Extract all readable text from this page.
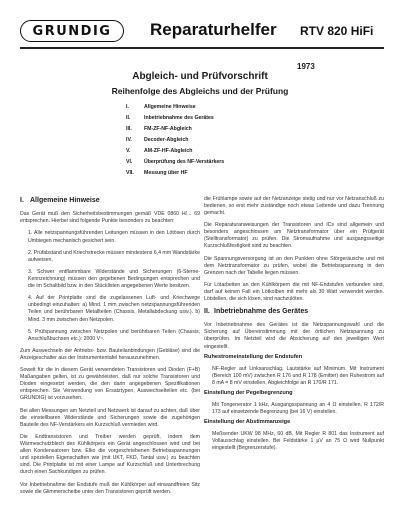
GRUNDIG Reparaturhelfer RTV 820 HiFi
1973
Abgleich- und Prüfvorschrift
Reihenfolge des Abgleichs und der Prüfung
I.	Allgemeine Hinweise
II.	Inbetriebnahme des Gerätes
III.	FM-ZF-NF-Abgleich
IV.	Decoder-Abgleich
V.	AM-ZF-HF-Abgleich
VI.	Überprüfung des NF-Verstärkers
VII.	Messung über HF
I. Allgemeine Hinweise

Das Gerät muß den Sicherheitsbestimmungen gemäß VDE 0860 H/... 69 entsprechen. Hierbei sind folgende Punkte besonders zu beachten:

1. Alle netzspannungsführenden Leitungen müssen in den Lötösen durch Umbiegen mechanisch gesichert sein.

2. Prüfabstand und Kriechstrecke müssen mindestens 6,4 mm Wandstärke aufweisen.

3. Schwer entflammbare Widerstände und Sicherungen (6-Sterne-Kennzeichnung) müssen den gegebenen Bedingungen entsprechen und die im Schaltbild bzw. in den Stücklisten angegebenen Werte besitzen.

4. Auf der Printplatte sind die zugelassenen Luft- und Kriechwege unbedingt einzuhalten: a) Mind. 1 mm zwischen netzspannungsführenden Teilen und berührbaren Metallteilen (Chassis, Metallabdeckung usw.). b) Mind. 3 mm zwischen den Netzpolen.

5. Prüfspannung zwischen Netzpolen und berührbaren Teilen (Chassis, Anschlußbuchsen etc.): 2000 V~.

Zum Auswechseln der Antriebs- bzw. Bauteilanbindungen (Gebläse) sind die Anzeigeschalter aus der Instrumententafel herauszunehmen.

Soweit für die in diesem Gerät verwendeten Transistoren und Dioden (F+B) Maßangaben gelten, ist zu gewährleisten, daß nur solche Transistoren und Dioden eingesetzt werden, die den darin angegebenen Spezifikationen entsprechen. Sie Verwendung von Ersatztypen, Auswechselteilen etc. (bei GRUNDIG) ist vorzusehen.

Bei allen Messungen am Netzteil und Netzwerk ist darauf zu achten, daß über die einstellbaren Widerstände und Sicherungen sowie die zugehörigen Bauteile des NF-Verstärkers ein Kurzschluß vermieden wird.

Die Endtransistoren und Treiber werden geprüft, indem dem Wärmeschutzblech des Kühlkörpers ein Gerät angeschlossen wird und bei allen Kondensatoren bzw. Elko die vorgeschriebenen Betriebsspannungen und speziellen Eigenschaften wie (mit UKT, FKD, Tantal usw.) zu beachten sind. Die Printplatte ist mit einer Lampe auf Kurzschluß und Unterbrechung durch einen Sachkundigen zu prüfen.

Vor Inbetriebnahme der Endstufe muß der Kühlkörper auf einwandfreien Sitz sowie die Glimmerscheibe unter den Transistoren geprüft werden.

die Frühlampe sowie auf der Netzanzeige stetig und nur vor Netzanschluß zu bedienen, so erst mehr zuständige noch etwas Leitende und dazu Trennung gemacht.

Die Reparaturanweisungen der Transistoren und ICs sind allgemein und besonders angeschlossen am Netztransformator über ein Prüfgerät (Stelltransformator) zu prüfen. Die Stromaufnahme und ausgangsseitige Kurzschlußfestigkeit sind zu beachten.

Die Spannungsversorgung ist an den Punkten ohne Störgeräusche und mit dem Netztransformator zu prüfen, wobei die Betriebsspannung in den Grenzen nach der Tabelle liegen müssen.

Für Lötarbeiten an den Kühlkörpern die mit NF-Endstufen verbunden sind, darf auf keinen Fall ein Lötkolben mit mehr als 30 Watt verwendet werden. Lötstellen, die sich lösen, sind nachzulöten.

II. Inbetriebnahme des Gerätes

Vor Inbetriebnahme des Gerätes ist die Netzspannungswahl und die Sicherung auf Übereinstimmung mit der örtlichen Netzspannung zu überprüfen. Im Netzteil wird die Absicherung auf den jeweiligen Wert eingestellt.

Ruhestromeinstellung der Endstufen

NF-Regler auf Linksanschlag, Lautstärke auf Minimum. Mit Instrument (Bereich 100 mV) zwischen R 176 und R 178 (Emitter) den Ruhestrom auf 8 mA = 8 mV einstellen, Abgleichfolge an R 170/R 171.

Einstellung der Pegelbegrenzung

Mit Tongenerator 1 kHz, Ausgangsspannung an 4 Ω einstellen, R 172/R 173 auf einsetzende Begrenzung (bei 16 V) einstellen.

Einstellung der Abstimmanzeige

Meßsender UKW 98 MHz, 60 dB. Mit Regler R 801 das Instrument auf Vollausschlag einstellen. Bei Feldstärke 1 μV an 75 Ω wird Nullpunkt eingestellt (Begrenzerstufe).
